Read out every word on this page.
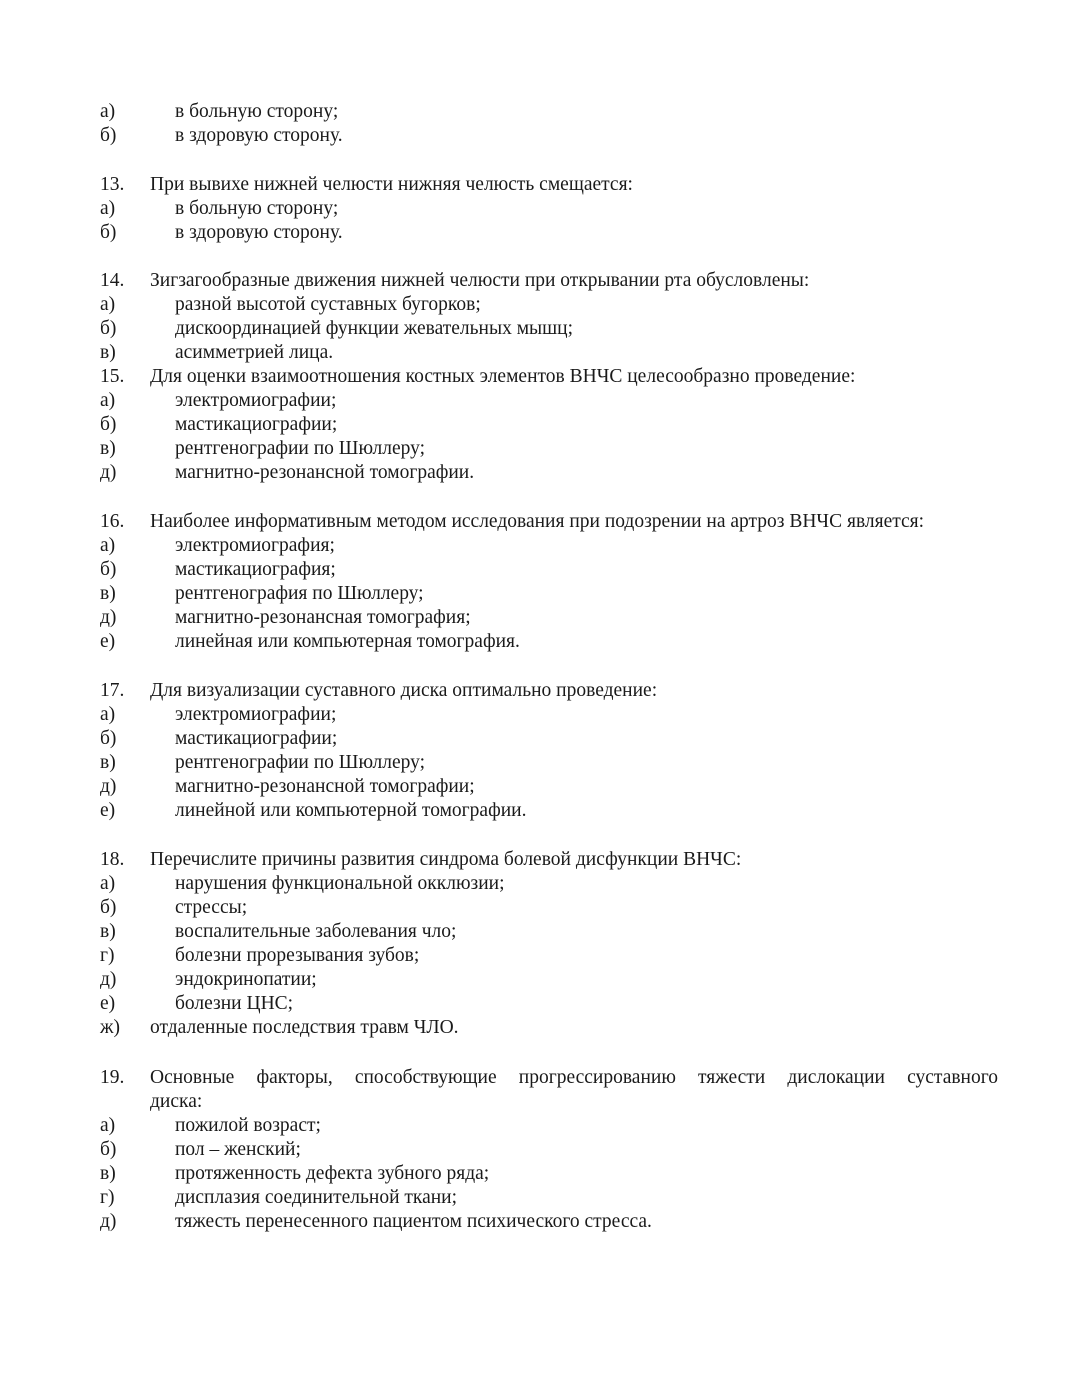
а)	в больную сторону;
б)	в здоровую сторону.
13. При вывихе нижней челюсти нижняя челюсть смещается:
а)	в больную сторону;
б)	в здоровую сторону.
14. Зигзагообразные движения нижней челюсти при открывании рта обусловлены:
а)	разной высотой суставных бугорков;
б)	дискоординацией функции жевательных мышц;
в)	асимметрией лица.
15. Для оценки взаимоотношения костных элементов ВНЧС целесообразно проведение:
а)	электромиографии;
б)	мастикациографии;
в)	рентгенографии по Шюллеру;
д)	магнитно-резонансной томографии.
16. Наиболее информативным методом исследования при подозрении на артроз ВНЧС является:
а)	электромиография;
б)	мастикациография;
в)	рентгенография по Шюллеру;
д)	магнитно-резонансная томография;
е)	линейная или компьютерная томография.
17. Для визуализации суставного диска оптимально проведение:
а)	электромиографии;
б)	мастикациографии;
в)	рентгенографии по Шюллеру;
д)	магнитно-резонансной томографии;
е)	линейной или компьютерной томографии.
18. Перечислите причины развития синдрома болевой дисфункции ВНЧС:
а)	нарушения функциональной окклюзии;
б)	стрессы;
в)	воспалительные заболевания чло;
г)	болезни прорезывания зубов;
д)	эндокринопатии;
е)	болезни ЦНС;
ж) отдаленные последствия травм ЧЛО.
19. Основные факторы, способствующие прогрессированию тяжести дислокации суставного
диска:
а)	пожилой возраст;
б)	пол – женский;
в)	протяженность дефекта зубного ряда;
г)	дисплазия соединительной ткани;
д)	тяжесть перенесенного пациентом психического стресса.
